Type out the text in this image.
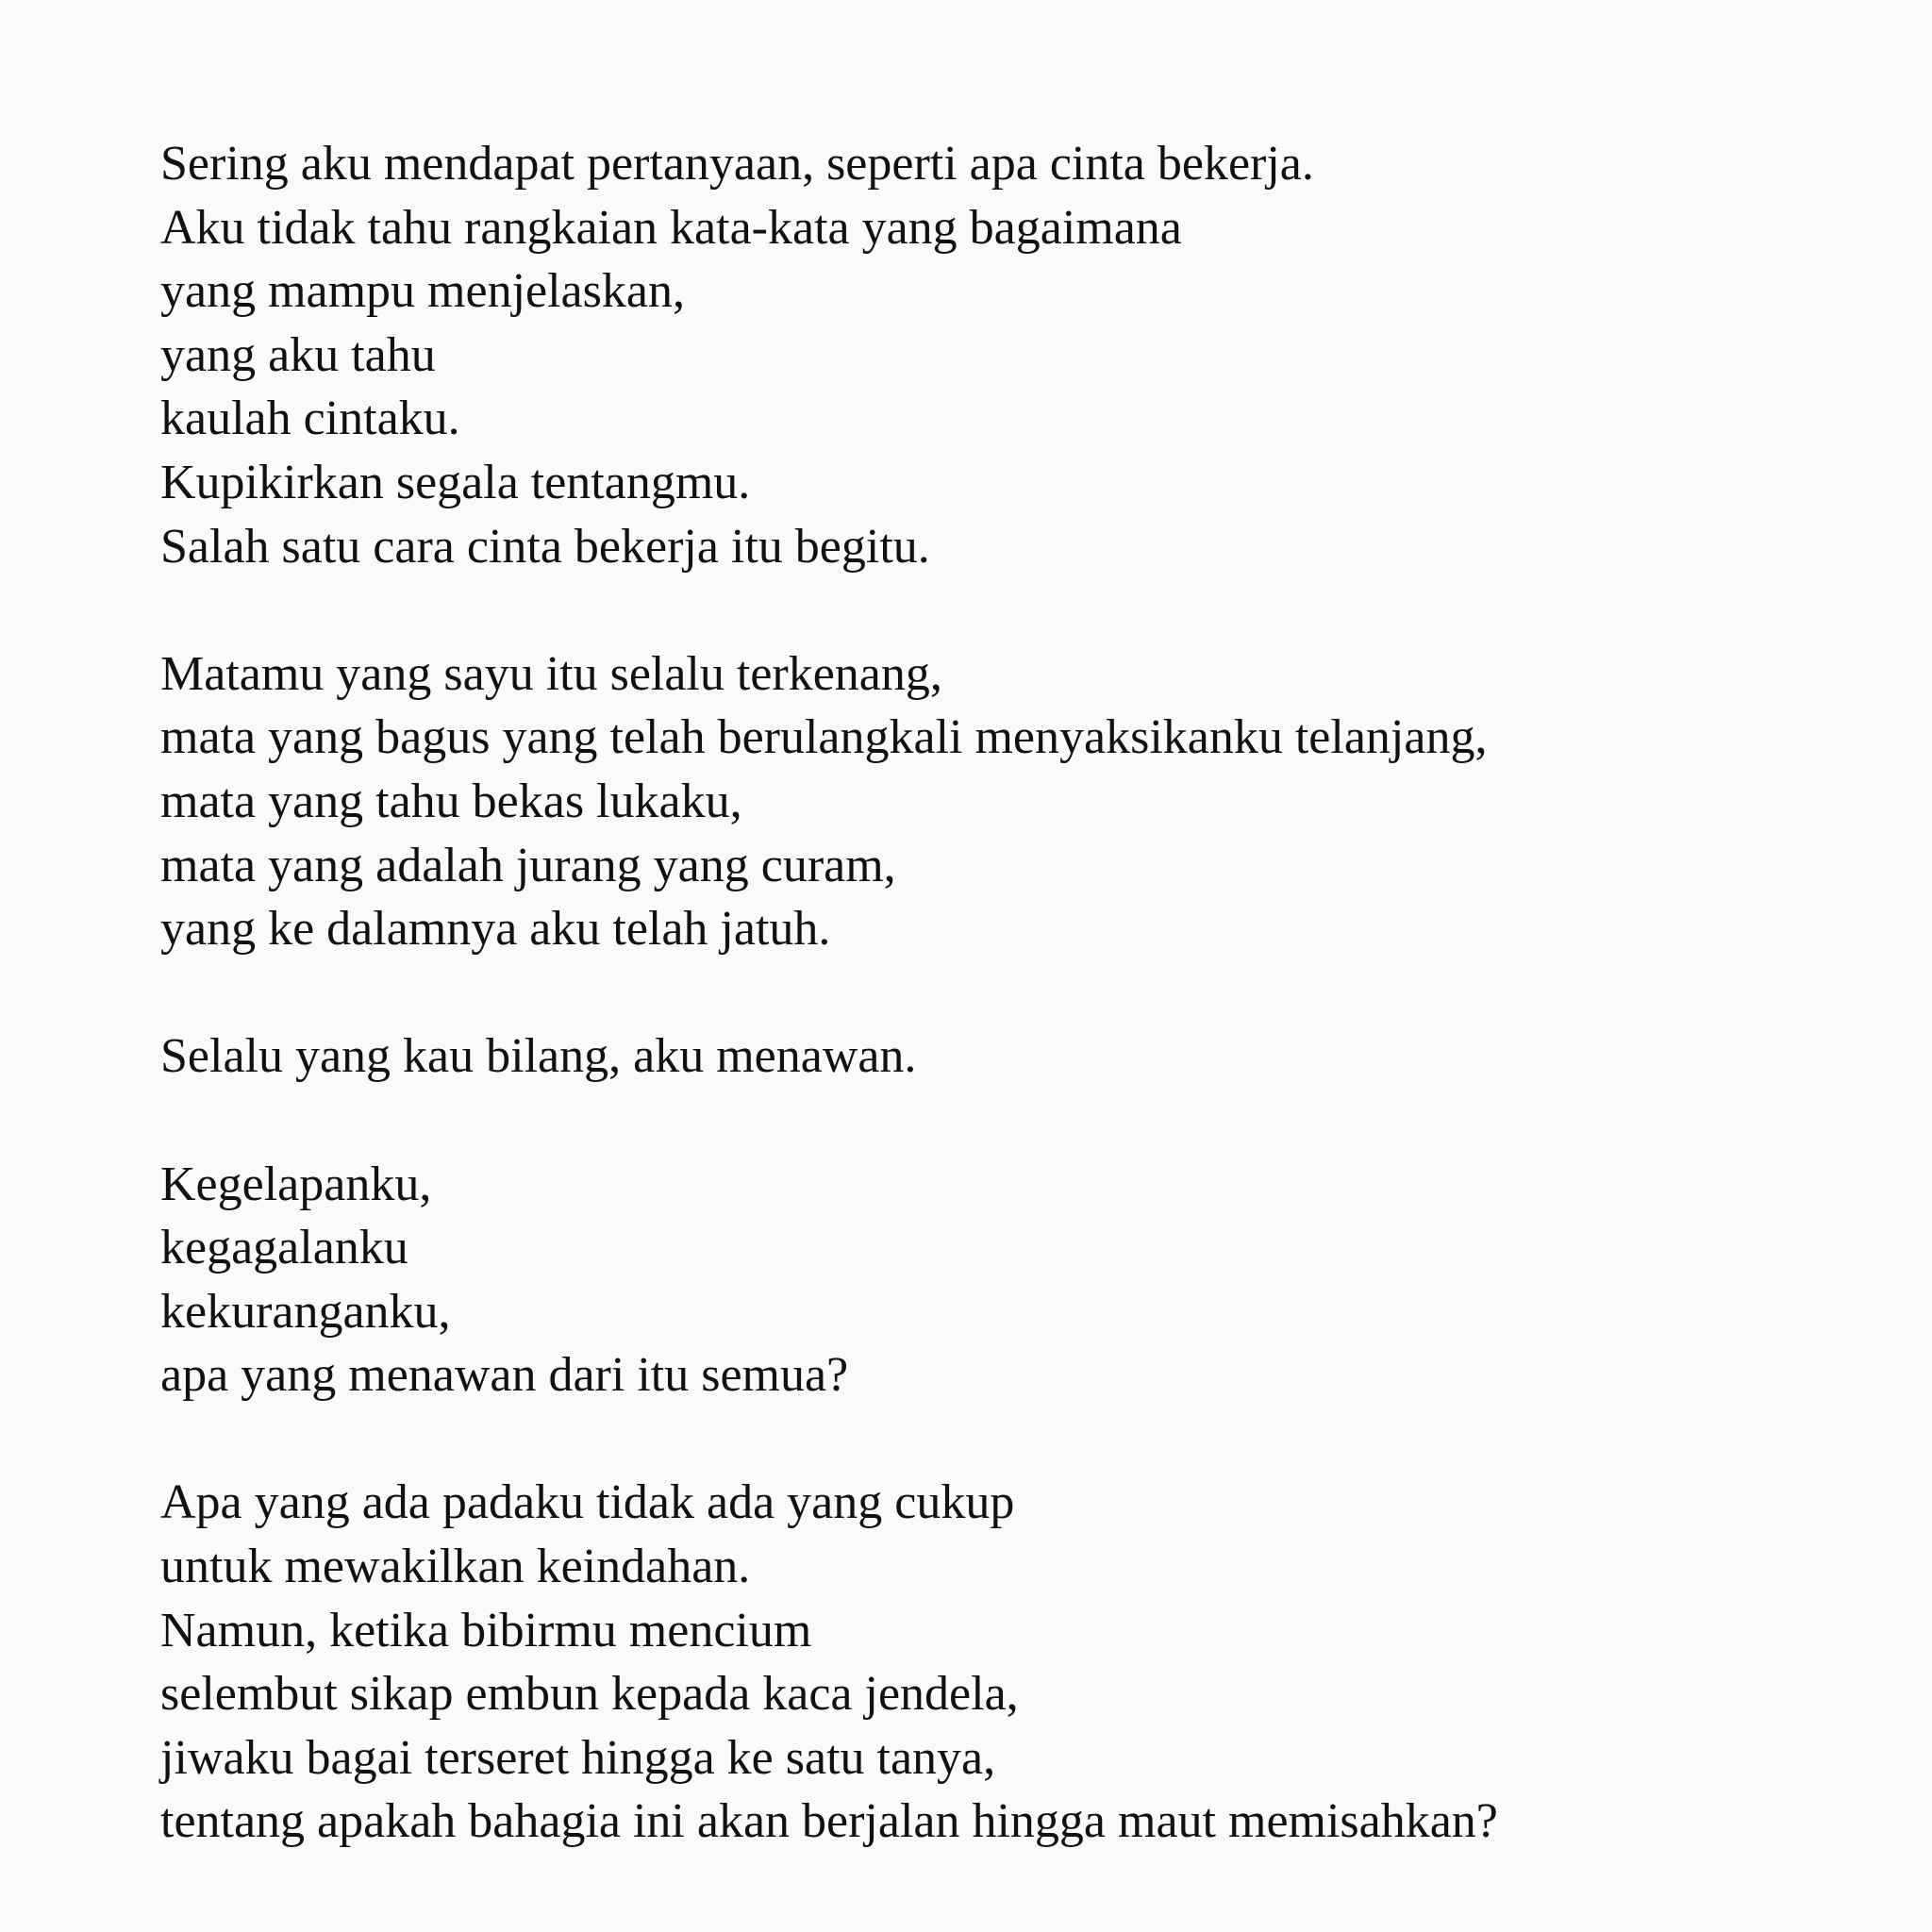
Sering aku mendapat pertanyaan, seperti apa cinta bekerja.
Aku tidak tahu rangkaian kata-kata yang bagaimana
yang mampu menjelaskan,
yang aku tahu
kaulah cintaku.
Kupikirkan segala tentangmu.
Salah satu cara cinta bekerja itu begitu.

Matamu yang sayu itu selalu terkenang,
mata yang bagus yang telah berulangkali menyaksikanku telanjang,
mata yang tahu bekas lukaku,
mata yang adalah jurang yang curam,
yang ke dalamnya aku telah jatuh.

Selalu yang kau bilang, aku menawan.

Kegelapanku,
kegagalanku
kekuranganku,
apa yang menawan dari itu semua?

Apa yang ada padaku tidak ada yang cukup
untuk mewakilkan keindahan.
Namun, ketika bibirmu mencium
selembut sikap embun kepada kaca jendela,
jiwaku bagai terseret hingga ke satu tanya,
tentang apakah bahagia ini akan berjalan hingga maut memisahkan?
